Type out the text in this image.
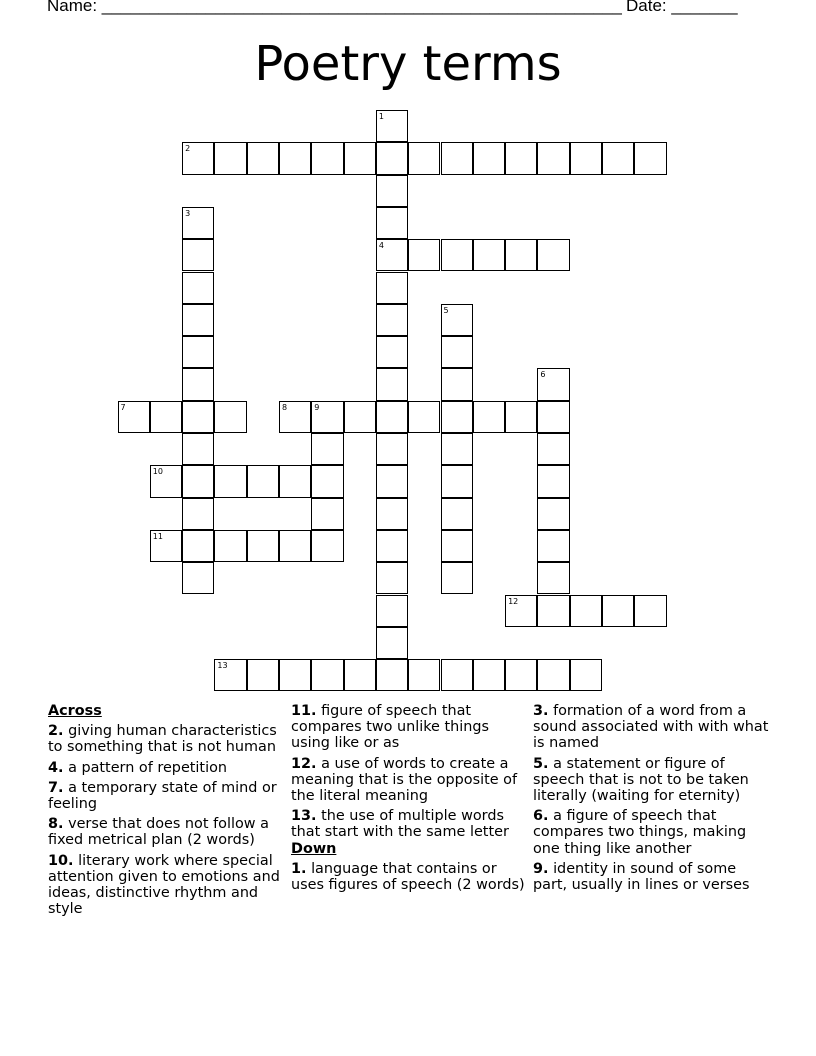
Name: _______________________________________________________ Date: _______
Poetry terms
1
4
2
3
5
6
7	8	9
10
11
12
13
Across
2. giving human characteristics to something that is not human
4. a pattern of repetition
7. a temporary state of mind or feeling
8. verse that does not follow a fixed metrical plan (2 words)
10. literary work where special attention given to emotions and ideas, distinctive rhythm and style
11. figure of speech that compares two unlike things using like or as
12. a use of words to create a meaning that is the opposite of the literal meaning
13. the use of multiple words that start with the same letter
Down
1. language that contains or uses figures of speech (2 words)
3. formation of a word from a sound associated with with what is named
5. a statement or figure of speech that is not to be taken literally (waiting for eternity)
6. a figure of speech that compares two things, making one thing like another
9. identity in sound of some part, usually in lines or verses
